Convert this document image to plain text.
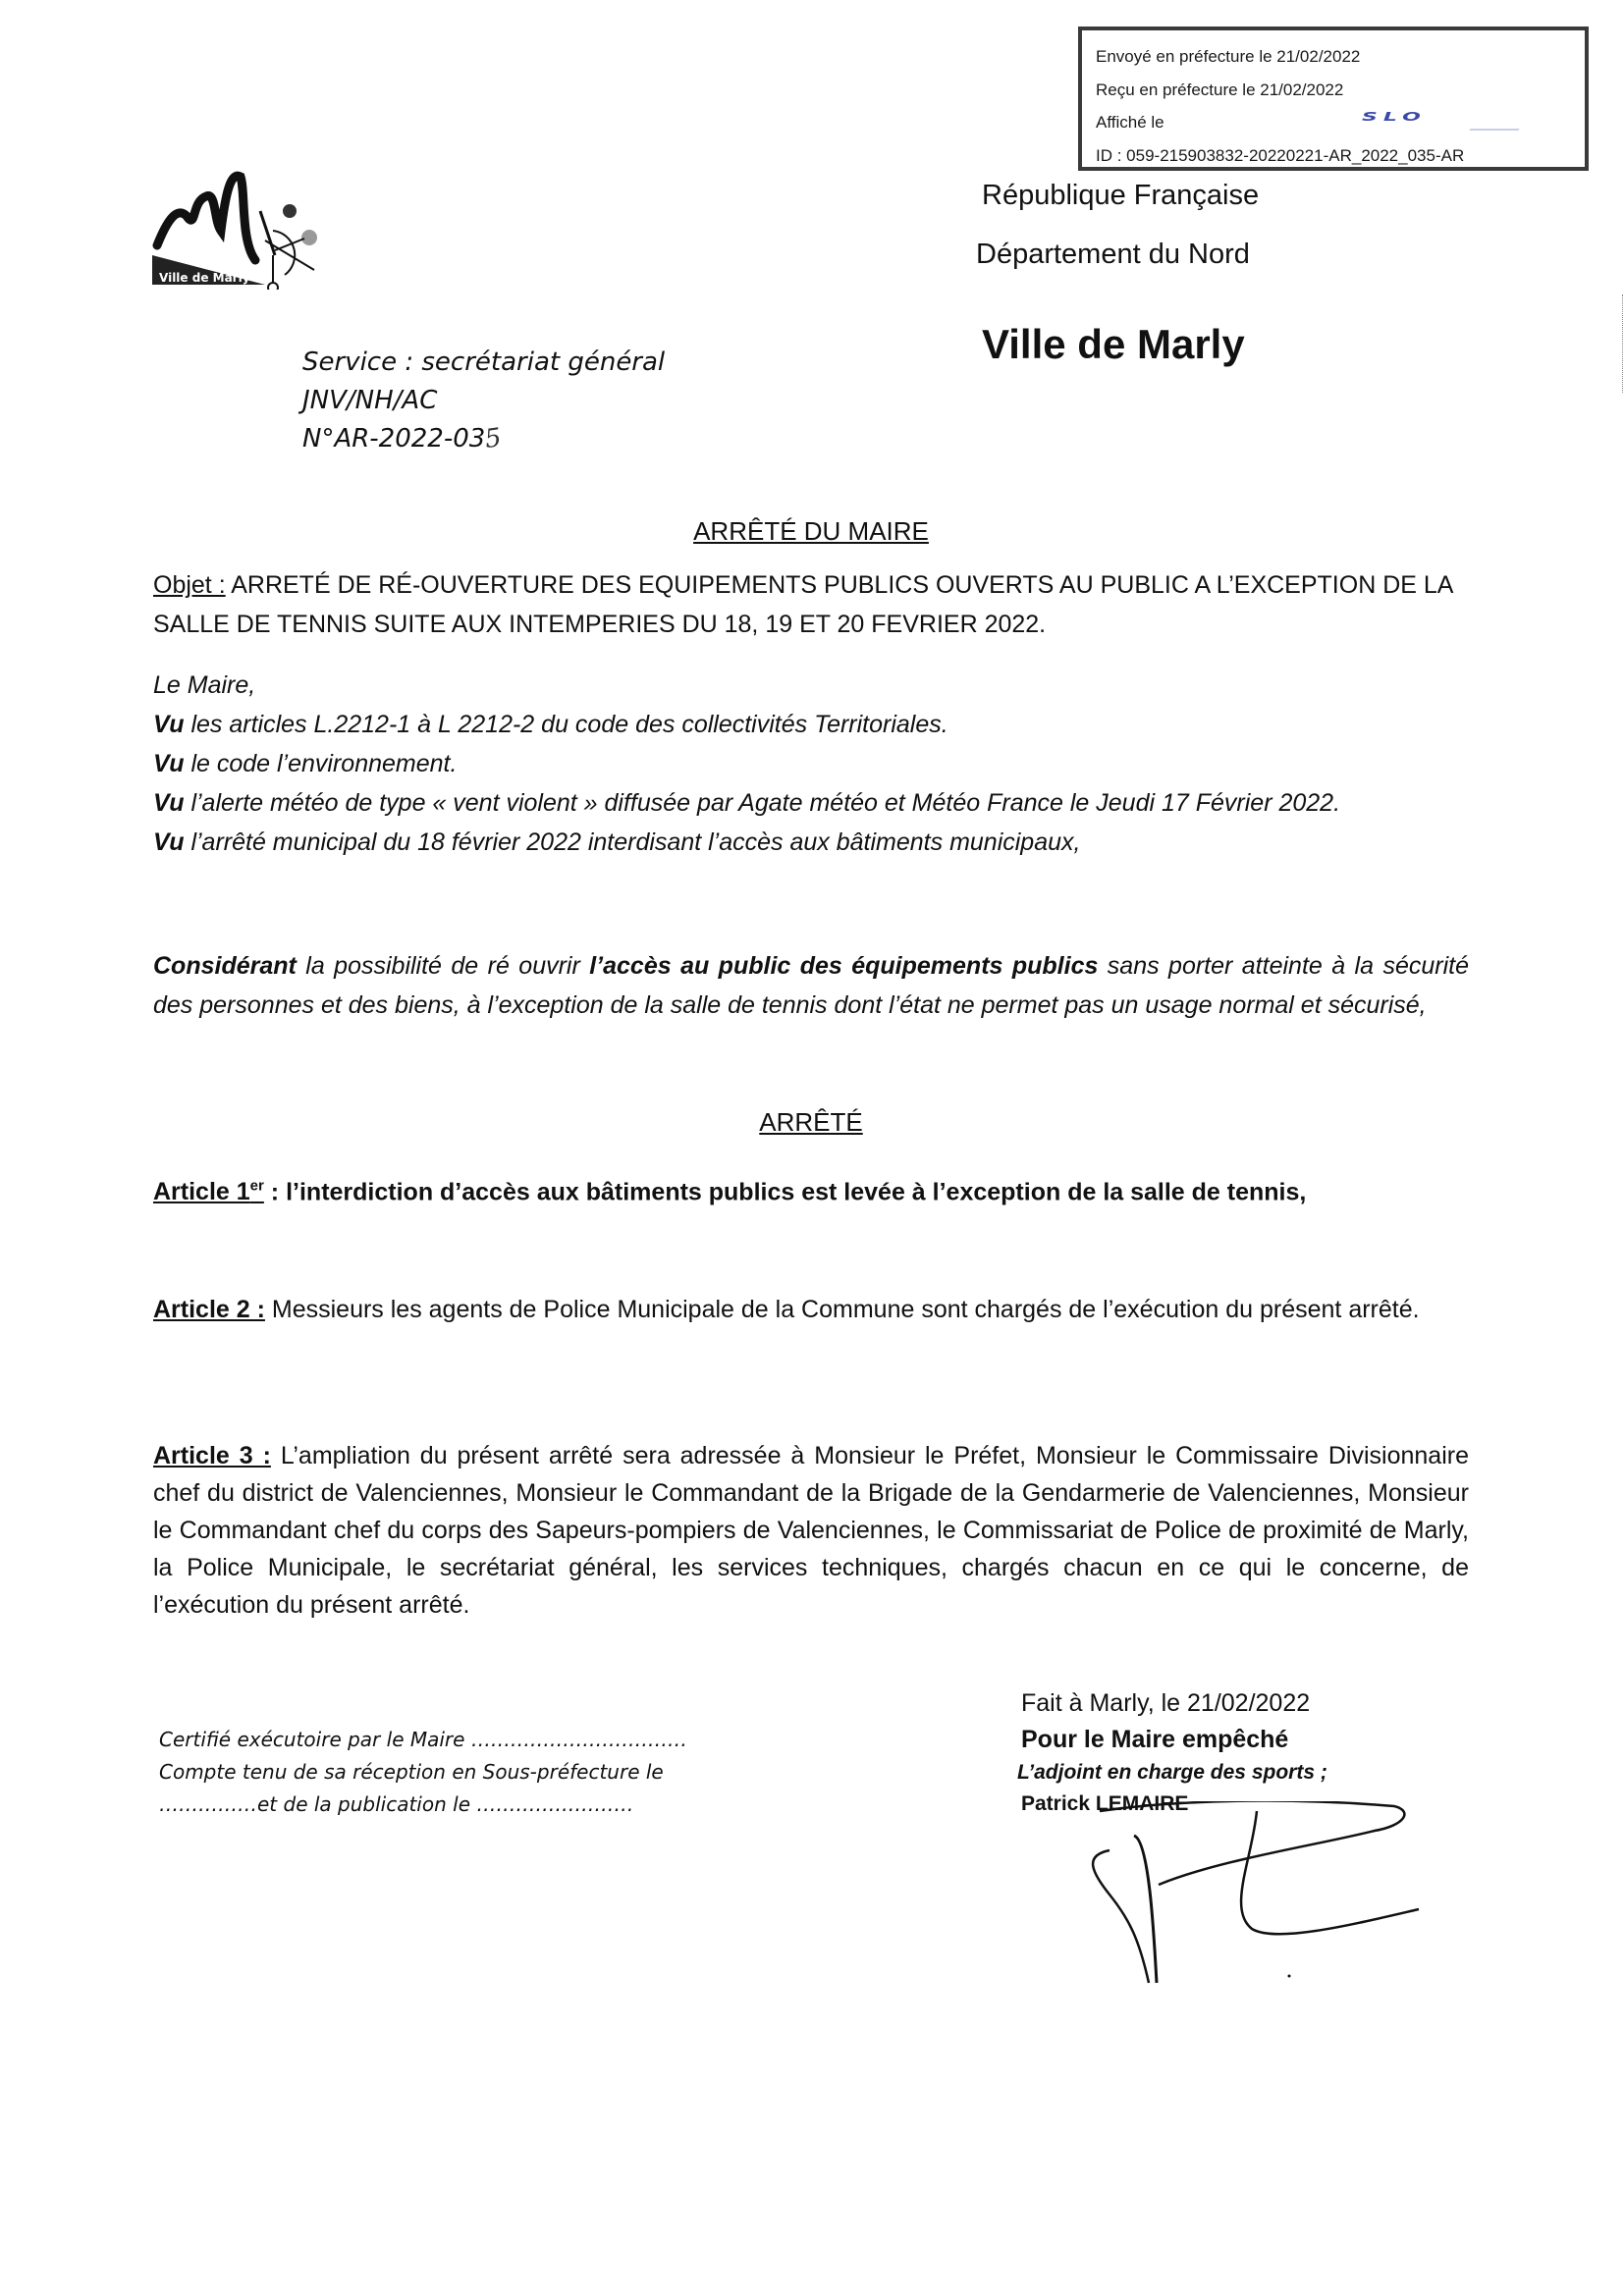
Envoyé en préfecture le 21/02/2022
Reçu en préfecture le 21/02/2022
Affiché le
ID : 059-215903832-20220221-AR_2022_035-AR
SLO
Ville de Marly
République Française
Département du Nord
Ville de Marly
Service : secrétariat général
JNV/NH/AC
N°AR-2022-035
ARRÊTÉ DU MAIRE
Objet : ARRETÉ DE RÉ-OUVERTURE DES EQUIPEMENTS PUBLICS OUVERTS AU PUBLIC A L’EXCEPTION DE LA SALLE DE TENNIS SUITE AUX INTEMPERIES DU 18, 19 ET 20 FEVRIER 2022.
Le Maire,
Vu les articles L.2212-1 à L 2212-2 du code des collectivités Territoriales.
Vu le code l’environnement.
Vu l’alerte météo de type « vent violent » diffusée par Agate météo et Météo France le Jeudi 17 Février 2022.
Vu l’arrêté municipal du 18 février 2022 interdisant l’accès aux bâtiments municipaux,
Considérant la possibilité de ré ouvrir l’accès au public des équipements publics sans porter atteinte à la sécurité des personnes et des biens, à l’exception de la salle de tennis dont l’état ne permet pas un usage normal et sécurisé,
ARRÊTÉ
Article 1er : l’interdiction d’accès aux bâtiments publics est levée à l’exception de la salle de tennis,
Article 2 : Messieurs les agents de Police Municipale de la Commune sont chargés de l’exécution du présent arrêté.
Article 3 : L’ampliation du présent arrêté sera adressée à Monsieur le Préfet, Monsieur le Commissaire Divisionnaire chef du district de Valenciennes, Monsieur le Commandant de la Brigade de la Gendarmerie de Valenciennes, Monsieur le Commandant chef du corps des Sapeurs-pompiers de Valenciennes, le Commissariat de Police de proximité de Marly, la Police Municipale, le secrétariat général, les services techniques, chargés chacun en ce qui le concerne, de l’exécution du présent arrêté.
Certifié exécutoire par le Maire ……………………………
Compte tenu de sa réception en Sous-préfecture le
……………et de la publication le ……………………
Fait à Marly, le 21/02/2022
Pour le Maire empêché
L’adjoint en charge des sports ;
Patrick LEMAIRE
